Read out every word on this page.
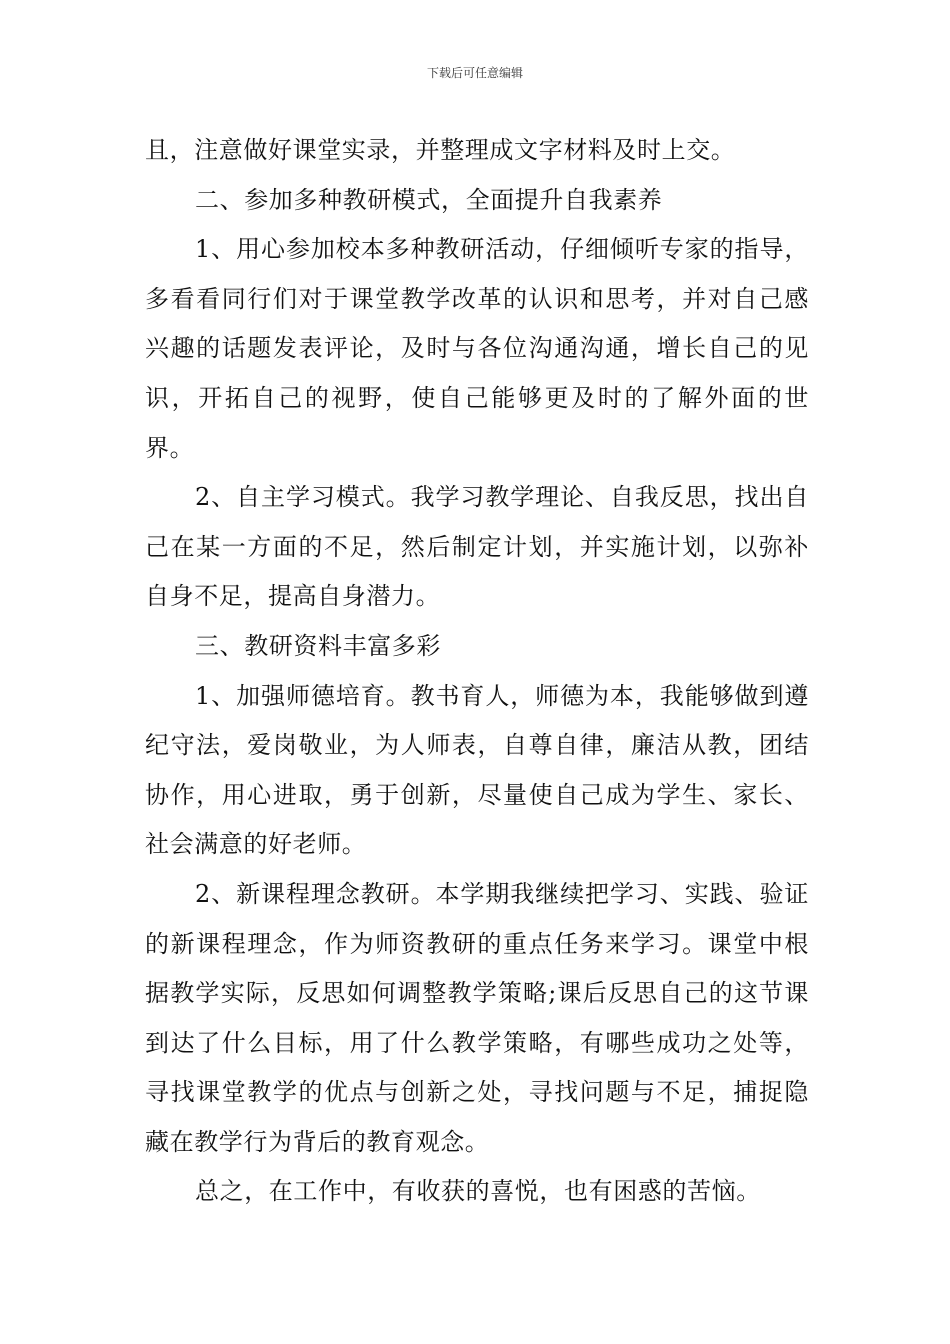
下载后可任意编辑

且，注意做好课堂实录，并整理成文字材料及时上交。

二、参加多种教研模式，全面提升自我素养

1、用心参加校本多种教研活动，仔细倾听专家的指导，多看看同行们对于课堂教学改革的认识和思考，并对自己感兴趣的话题发表评论，及时与各位沟通沟通，增长自己的见识，开拓自己的视野，使自己能够更及时的了解外面的世界。

2、自主学习模式。我学习教学理论、自我反思，找出自己在某一方面的不足，然后制定计划，并实施计划，以弥补自身不足，提高自身潜力。

三、教研资料丰富多彩

1、加强师德培育。教书育人，师德为本，我能够做到遵纪守法，爱岗敬业，为人师表，自尊自律，廉洁从教，团结协作，用心进取，勇于创新，尽量使自己成为学生、家长、社会满意的好老师。

2、新课程理念教研。本学期我继续把学习、实践、验证的新课程理念，作为师资教研的重点任务来学习。课堂中根据教学实际，反思如何调整教学策略;课后反思自己的这节课到达了什么目标，用了什么教学策略，有哪些成功之处等，寻找课堂教学的优点与创新之处，寻找问题与不足，捕捉隐藏在教学行为背后的教育观念。

总之，在工作中，有收获的喜悦，也有困惑的苦恼。
